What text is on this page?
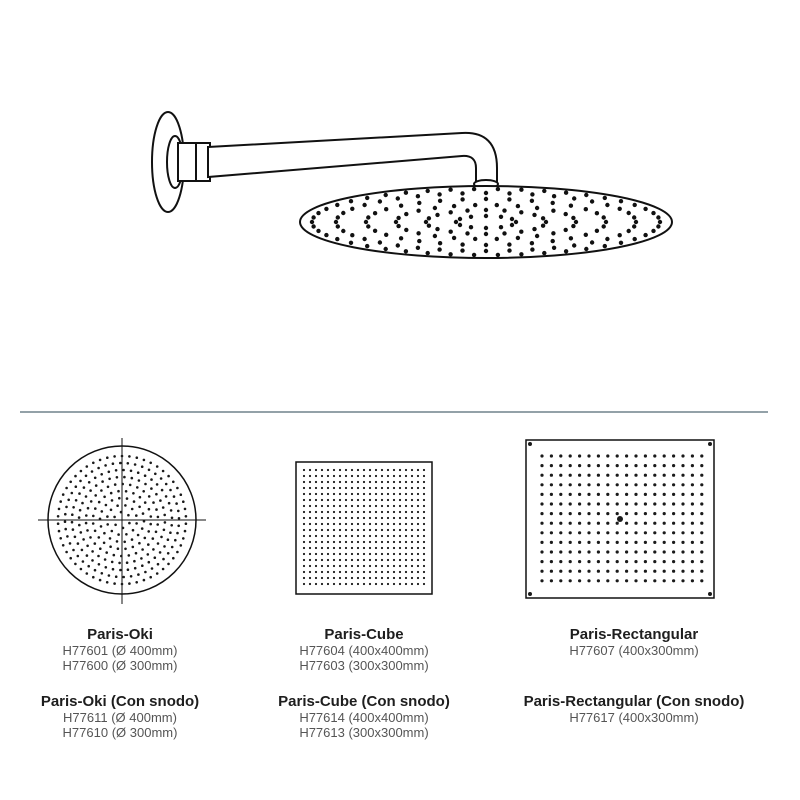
Paris-Oki
H77601 (Ø 400mm)
H77600 (Ø 300mm)
Paris-Oki (Con snodo)
H77611 (Ø 400mm)
H77610 (Ø 300mm)
Paris-Cube
H77604 (400x400mm)
H77603 (300x300mm)
Paris-Cube (Con snodo)
H77614 (400x400mm)
H77613 (300x300mm)
Paris-Rectangular
H77607 (400x300mm)
Paris-Rectangular (Con snodo)
H77617 (400x300mm)
